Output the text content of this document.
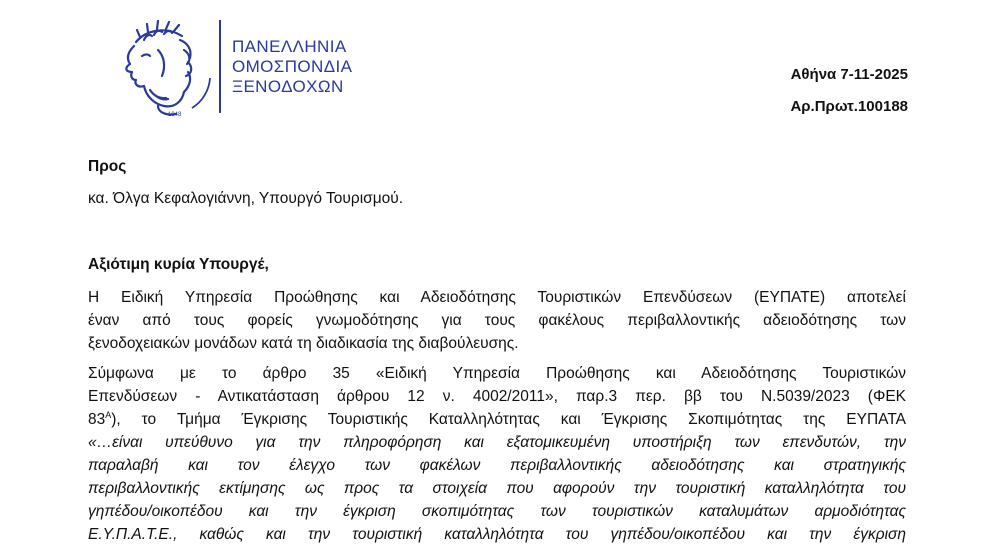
1948
ΠΑΝΕΛΛΗΝΙΑ
ΟΜΟΣΠΟΝΔΙΑ
ΞΕΝΟΔΟΧΩΝ
Αθήνα 7-11-2025
Αρ.Πρωτ.100188
Προς
κα. Όλγα Κεφαλογιάννη, Υπουργό Τουρισμού.
Αξιότιμη κυρία Υπουργέ,
Η Ειδική Υπηρεσία Προώθησης και Αδειοδότησης Τουριστικών Επενδύσεων (ΕΥΠΑΤΕ) αποτελεί
έναν από τους φορείς γνωμοδότησης για τους φακέλους περιβαλλοντικής αδειοδότησης των
ξενοδοχειακών μονάδων κατά τη διαδικασία της διαβούλευσης.
Σύμφωνα με το άρθρο 35 «Ειδική Υπηρεσία Προώθησης και Αδειοδότησης Τουριστικών
Επενδύσεων - Αντικατάσταση άρθρου 12 ν. 4002/2011», παρ.3 περ. ββ του Ν.5039/2023 (ΦΕΚ
$83^A$), το Τμήμα Έγκρισης Τουριστικής Καταλληλότητας και Έγκρισης Σκοπιμότητας της ΕΥΠΑΤΑ
«…είναι υπεύθυνο για την πληροφόρηση και εξατομικευμένη υποστήριξη των επενδυτών, την
παραλαβή και τον έλεγχο των φακέλων περιβαλλοντικής αδειοδότησης και στρατηγικής
περιβαλλοντικής εκτίμησης ως προς τα στοιχεία που αφορούν την τουριστική καταλληλότητα του
γηπέδου/οικοπέδου και την έγκριση σκοπιμότητας των τουριστικών καταλυμάτων αρμοδιότητας
Ε.Υ.Π.Α.Τ.Ε., καθώς και την τουριστική καταλληλότητα του γηπέδου/οικοπέδου και την έγκριση
